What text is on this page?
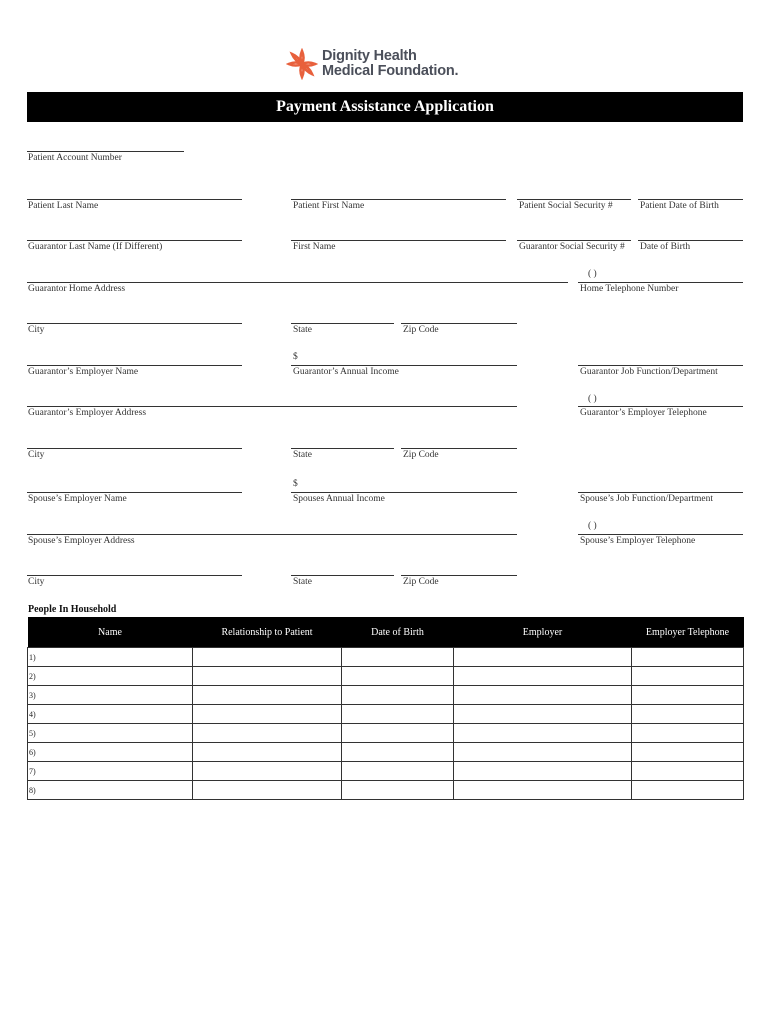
Dignity Health
Medical Foundation.
Payment Assistance Application
Patient Account Number
Patient Last Name	Patient First Name	Patient Social Security #	Patient Date of Birth
Guarantor Last Name (If Different)	First Name	Guarantor Social Security # Date of Birth
Guarantor Home Address
( )
Home Telephone Number
City	State	Zip Code
Guarantor’s Employer Name
$
Guarantor’s Annual Income	Guarantor Job Function/Department
Guarantor’s Employer Address
( )
Guarantor’s Employer Telephone
City	State	Zip Code
Spouse’s Employer Name
$
Spouses Annual Income	Spouse’s Job Function/Department
Spouse’s Employer Address
( )
Spouse’s Employer Telephone
City	State	Zip Code
People In Household
Name	Relationship to Patient	Date of Birth	Employer	Employer Telephone
1)				
2)				
3)				
4)				
5)				
6)				
7)				
8)				
